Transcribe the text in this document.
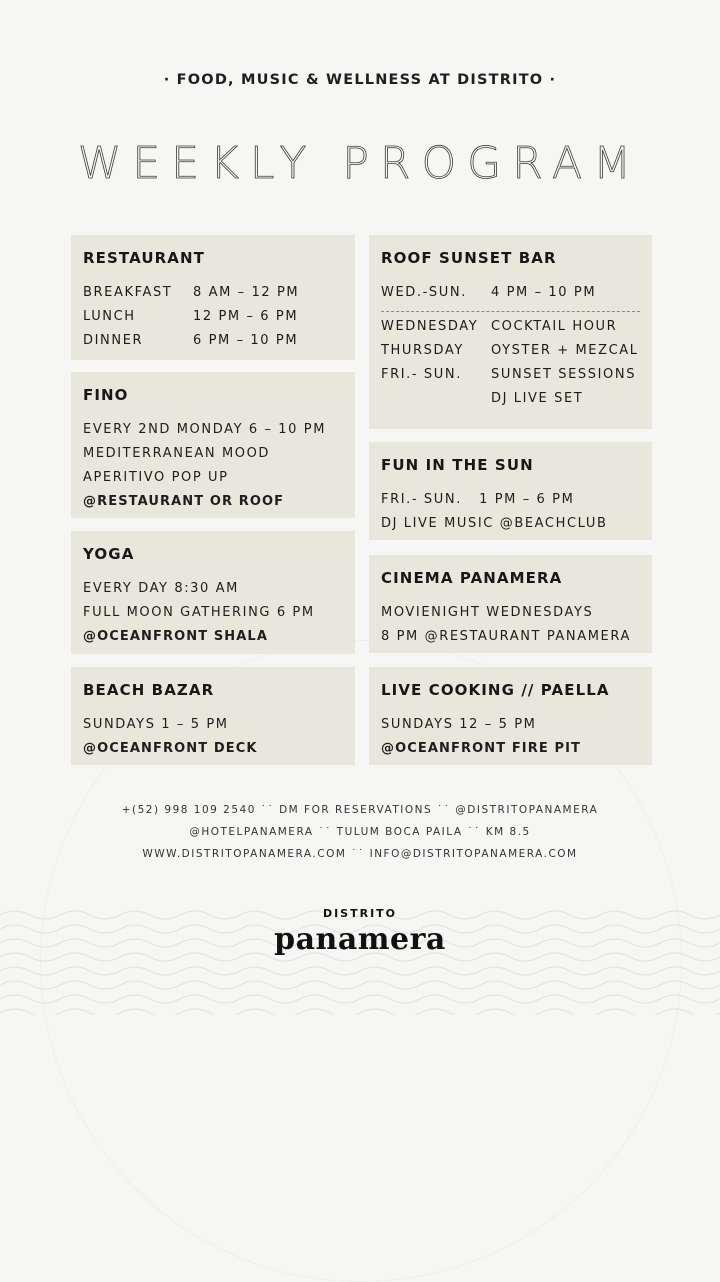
· FOOD, MUSIC & WELLNESS AT DISTRITO ·
WEEKLY PROGRAM
RESTAURANT
BREAKFAST	8 AM – 12 PM
LUNCH	12 PM – 6 PM
DINNER	6 PM – 10 PM
FINO
EVERY 2ND MONDAY 6 – 10 PM
MEDITERRANEAN MOOD
APERITIVO POP UP
@RESTAURANT OR ROOF
YOGA
EVERY DAY 8:30 AM
FULL MOON GATHERING 6 PM
@OCEANFRONT SHALA
BEACH BAZAR
SUNDAYS 1 – 5 PM
@OCEANFRONT DECK
ROOF SUNSET BAR
WED.-SUN.	4 PM – 10 PM
WEDNESDAY COCKTAIL HOUR
THURSDAY	OYSTER + MEZCAL
FRI.- SUN.	SUNSET SESSIONS
DJ LIVE SET
FUN IN THE SUN
FRI.- SUN.   1 PM – 6 PM
DJ LIVE MUSIC @BEACHCLUB
CINEMA PANAMERA
MOVIENIGHT WEDNESDAYS
8 PM @RESTAURANT PANAMERA
LIVE COOKING // PAELLA
SUNDAYS 12 – 5 PM
@OCEANFRONT FIRE PIT
+(52) 998 109 2540 ˙˙ DM FOR RESERVATIONS ˙˙ @DISTRITOPANAMERA
@HOTELPANAMERA ˙˙ TULUM BOCA PAILA ˙˙ KM 8.5
WWW.DISTRITOPANAMERA.COM ˙˙ INFO@DISTRITOPANAMERA.COM
DISTRITO
panamera
